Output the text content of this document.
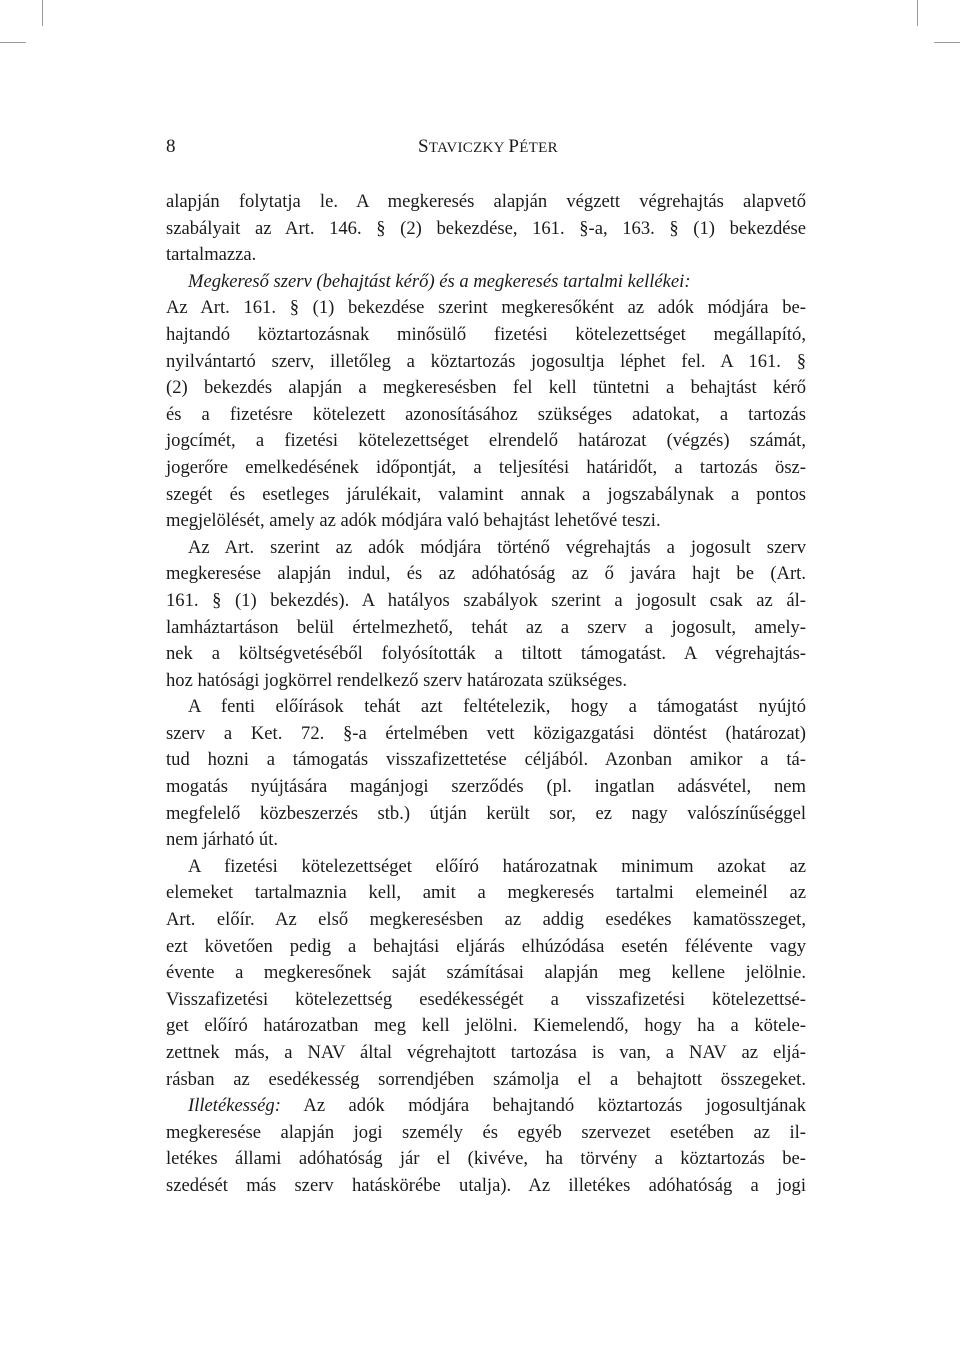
8	STAVICZKY PÉTER
alapján folytatja le. A megkeresés alapján végzett végrehajtás alapvető
szabályait az Art. 146. § (2) bekezdése, 161. §-a, 163. § (1) bekezdése
tartalmazza.
Megkereső szerv (behajtást kérő) és a megkeresés tartalmi kellékei:
Az Art. 161. § (1) bekezdése szerint megkeresőként az adók módjára be-
hajtandó köztartozásnak minősülő fizetési kötelezettséget megállapító,
nyilvántartó szerv, illetőleg a köztartozás jogosultja léphet fel. A 161. §
(2) bekezdés alapján a megkeresésben fel kell tüntetni a behajtást kérő
és a fizetésre kötelezett azonosításához szükséges adatokat, a tartozás
jogcímét, a fizetési kötelezettséget elrendelő határozat (végzés) számát,
jogerőre emelkedésének időpontját, a teljesítési határidőt, a tartozás ösz-
szegét és esetleges járulékait, valamint annak a jogszabálynak a pontos
megjelölését, amely az adók módjára való behajtást lehetővé teszi.
Az Art. szerint az adók módjára történő végrehajtás a jogosult szerv
megkeresése alapján indul, és az adóhatóság az ő javára hajt be (Art.
161. § (1) bekezdés). A hatályos szabályok szerint a jogosult csak az ál-
lamháztartáson belül értelmezhető, tehát az a szerv a jogosult, amely-
nek a költségvetéséből folyósították a tiltott támogatást. A végrehajtás-
hoz hatósági jogkörrel rendelkező szerv határozata szükséges.
A fenti előírások tehát azt feltételezik, hogy a támogatást nyújtó
szerv a Ket. 72. §-a értelmében vett közigazgatási döntést (határozat)
tud hozni a támogatás visszafizettetése céljából. Azonban amikor a tá-
mogatás nyújtására magánjogi szerződés (pl. ingatlan adásvétel, nem
megfelelő közbeszerzés stb.) útján került sor, ez nagy valószínűséggel
nem járható út.
A fizetési kötelezettséget előíró határozatnak minimum azokat az
elemeket tartalmaznia kell, amit a megkeresés tartalmi elemeinél az
Art. előír. Az első megkeresésben az addig esedékes kamatösszeget,
ezt követően pedig a behajtási eljárás elhúzódása esetén félévente vagy
évente a megkeresőnek saját számításai alapján meg kellene jelölnie.
Visszafizetési kötelezettség esedékességét a visszafizetési kötelezettsé-
get előíró határozatban meg kell jelölni. Kiemelendő, hogy ha a kötele-
zettnek más, a NAV által végrehajtott tartozása is van, a NAV az eljá-
rásban az esedékesség sorrendjében számolja el a behajtott összegeket.
Illetékesség: Az adók módjára behajtandó köztartozás jogosultjának
megkeresése alapján jogi személy és egyéb szervezet esetében az il-
letékes állami adóhatóság jár el (kivéve, ha törvény a köztartozás be-
szedését más szerv hatáskörébe utalja). Az illetékes adóhatóság a jogi
